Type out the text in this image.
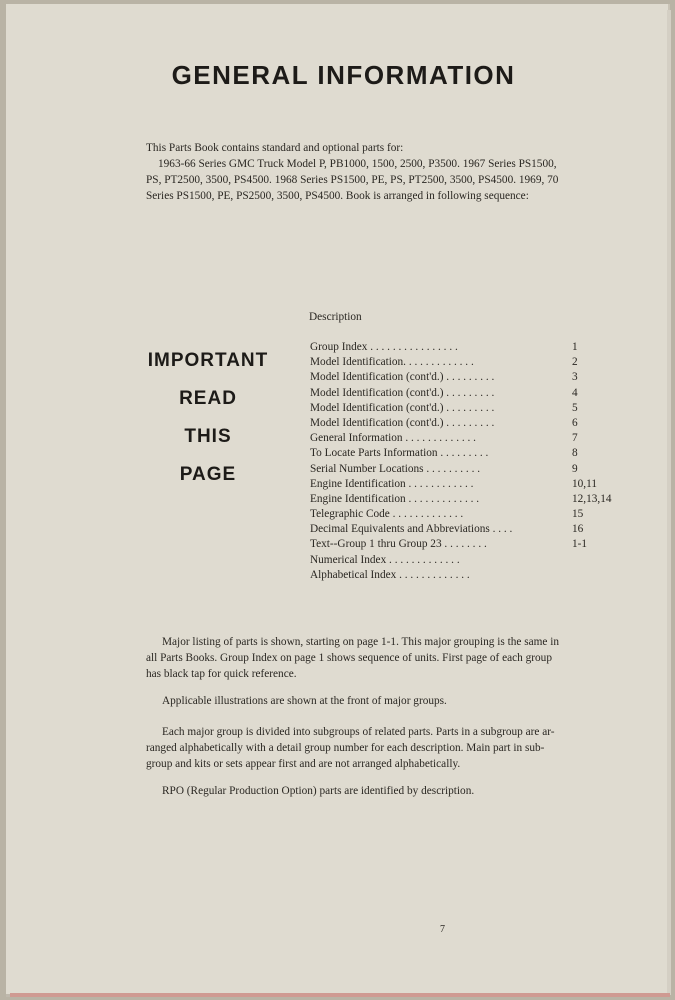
GENERAL INFORMATION
This Parts Book contains standard and optional parts for:
1963-66 Series GMC Truck Model P, PB1000, 1500, 2500, P3500. 1967 Series PS1500,
PS, PT2500, 3500, PS4500. 1968 Series PS1500, PE, PS, PT2500, 3500, PS4500. 1969, 70
Series PS1500, PE, PS2500, 3500, PS4500. Book is arranged in following sequence:
IMPORTANT
READ
THIS
PAGE
Description
Group Index . . . . . . . . . . . . . . . .	1
Model Identification. . . . . . . . . . . . .	2
Model Identification (cont'd.) . . . . . . . . .	3
Model Identification (cont'd.) . . . . . . . . .	4
Model Identification (cont'd.) . . . . . . . . .	5
Model Identification (cont'd.) . . . . . . . . .	6
General Information . . . . . . . . . . . . .	7
To Locate Parts Information . . . . . . . . .	8
Serial Number Locations . . . . . . . . . .	9
Engine Identification . . . . . . . . . . . .	10,11
Engine Identification . . . . . . . . . . . . .	12,13,14
Telegraphic Code . . . . . . . . . . . . .	15
Decimal Equivalents and Abbreviations . . . .	16
Text--Group 1 thru Group 23 . . . . . . . .	1-1
Numerical Index . . . . . . . . . . . . .
Alphabetical Index . . . . . . . . . . . . .
Major listing of parts is shown, starting on page 1-1. This major grouping is the same in
all Parts Books. Group Index on page 1 shows sequence of units. First page of each group
has black tap for quick reference.
Applicable illustrations are shown at the front of major groups.
Each major group is divided into subgroups of related parts. Parts in a subgroup are ar-
ranged alphabetically with a detail group number for each description. Main part in sub-
group and kits or sets appear first and are not arranged alphabetically.
RPO (Regular Production Option) parts are identified by description.
7
